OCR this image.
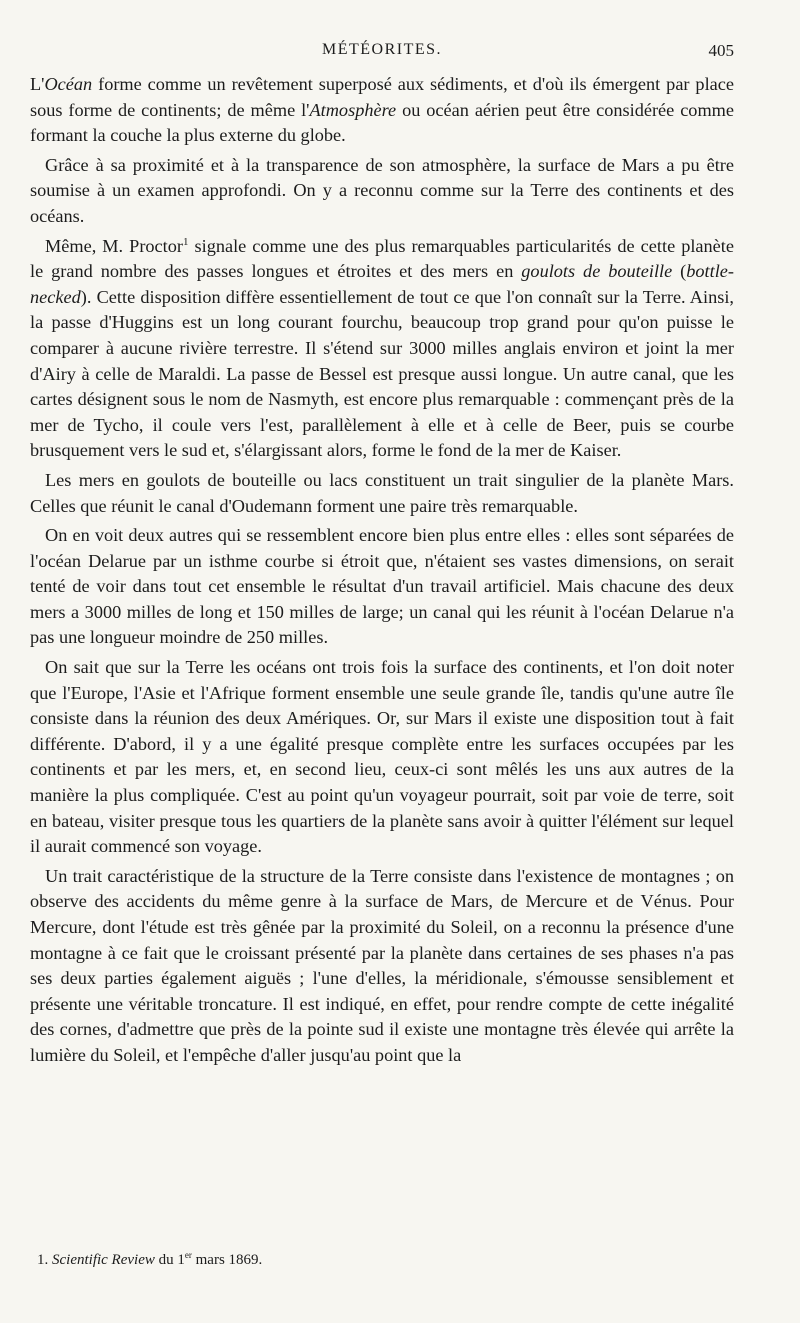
MÉTÉORITES.	405

L'Océan forme comme un revêtement superposé aux sédiments, et d'où ils émergent par place sous forme de continents; de même l'Atmosphère ou océan aérien peut être considérée comme formant la couche la plus externe du globe.

Grâce à sa proximité et à la transparence de son atmosphère, la surface de Mars a pu être soumise à un examen approfondi. On y a reconnu comme sur la Terre des continents et des océans.

Même, M. Proctor$^1$ signale comme une des plus remarquables particularités de cette planète le grand nombre des passes longues et étroites et des mers en goulots de bouteille (bottle-necked). Cette disposition diffère essentiellement de tout ce que l'on connaît sur la Terre. Ainsi, la passe d'Huggins est un long courant fourchu, beaucoup trop grand pour qu'on puisse le comparer à aucune rivière terrestre. Il s'étend sur 3000 milles anglais environ et joint la mer d'Airy à celle de Maraldi. La passe de Bessel est presque aussi longue. Un autre canal, que les cartes désignent sous le nom de Nasmyth, est encore plus remarquable : commençant près de la mer de Tycho, il coule vers l'est, parallèlement à elle et à celle de Beer, puis se courbe brusquement vers le sud et, s'élargissant alors, forme le fond de la mer de Kaiser.

Les mers en goulots de bouteille ou lacs constituent un trait singulier de la planète Mars. Celles que réunit le canal d'Oudemann forment une paire très remarquable.

On en voit deux autres qui se ressemblent encore bien plus entre elles : elles sont séparées de l'océan Delarue par un isthme courbe si étroit que, n'étaient ses vastes dimensions, on serait tenté de voir dans tout cet ensemble le résultat d'un travail artificiel. Mais chacune des deux mers a 3000 milles de long et 150 milles de large; un canal qui les réunit à l'océan Delarue n'a pas une longueur moindre de 250 milles.

On sait que sur la Terre les océans ont trois fois la surface des continents, et l'on doit noter que l'Europe, l'Asie et l'Afrique forment ensemble une seule grande île, tandis qu'une autre île consiste dans la réunion des deux Amériques. Or, sur Mars il existe une disposition tout à fait différente. D'abord, il y a une égalité presque complète entre les surfaces occupées par les continents et par les mers, et, en second lieu, ceux-ci sont mêlés les uns aux autres de la manière la plus compliquée. C'est au point qu'un voyageur pourrait, soit par voie de terre, soit en bateau, visiter presque tous les quartiers de la planète sans avoir à quitter l'élément sur lequel il aurait commencé son voyage.

Un trait caractéristique de la structure de la Terre consiste dans l'existence de montagnes ; on observe des accidents du même genre à la surface de Mars, de Mercure et de Vénus. Pour Mercure, dont l'étude est très gênée par la proximité du Soleil, on a reconnu la présence d'une montagne à ce fait que le croissant présenté par la planète dans certaines de ses phases n'a pas ses deux parties également aiguës ; l'une d'elles, la méridionale, s'émousse sensiblement et présente une véritable troncature. Il est indiqué, en effet, pour rendre compte de cette inégalité des cornes, d'admettre que près de la pointe sud il existe une montagne très élevée qui arrête la lumière du Soleil, et l'empêche d'aller jusqu'au point que la

1. Scientific Review du 1er mars 1869.
